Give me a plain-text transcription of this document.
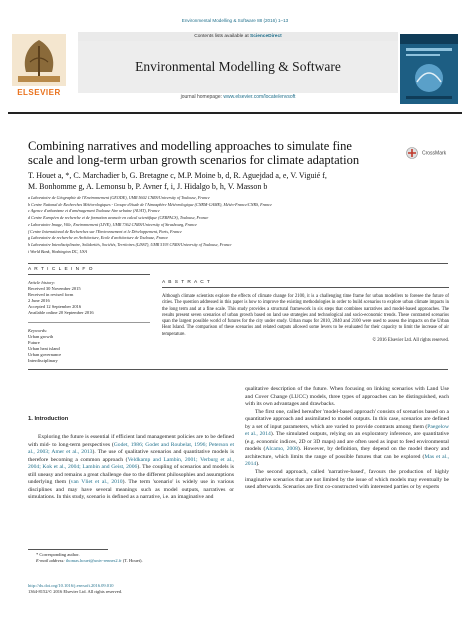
Environmental Modelling & Software 88 (2016) 1–13
ELSEVIER
Contents lists available at ScienceDirect
Environmental Modelling & Software
journal homepage: www.elsevier.com/locate/envsoft
Combining narratives and modelling approaches to simulate fine scale and long-term urban growth scenarios for climate adaptation	CrossMark
T. Houet a, *, C. Marchadier b, G. Bretagne c, M.P. Moine b, d, R. Aguejdad a, e, V. Viguié f,
M. Bonhomme g, A. Lemonsu b, P. Avner f, i, J. Hidalgo b, h, V. Masson b
a Laboratoire de Géographie de l'Environnement (GEODE), UMR 5602 CNRS/University of Toulouse, France
b Centre National de Recherches Météorologiques - Groupe d'étude de l'Atmosphère Météorologique (CNRM-GAME), Météo-France/CNRS, France
c Agence d'urbanisme et d'aménagement Toulouse Aire urbaine (AUAT), France
d Centre Européen de recherche et de formation avancée en calcul scientifique (CERFACS), Toulouse, France
e Laboratoire Image, Ville, Environnement (LIVE), UMR 7362 CNRS/University of Strasbourg, France
f Centre International de Recherches sur l'Environnement et le Développement, Paris, France
g Laboratoire de recherche en Architecture, Ecole d'architecture de Toulouse, France
h Laboratoire Interdisciplinaire, Solidarités, Sociétés, Territoires (LISST), UMR 5193 CNRS/University of Toulouse, France
i World Bank, Washington DC, USA
A R T I C L E I N F O
Article history:
Received 30 November 2015
Received in revised form
2 June 2016
Accepted 12 September 2016
Available online 20 September 2016
Keywords:
Urban growth
Future
Urban heat island
Urban governance
Interdisciplinary
A B S T R A C T
Although climate scientists explore the effects of climate change for 2100, it is a challenging time frame for urban modellers to foresee the future of cities. The question addressed in this paper is how to improve the existing methodologies in order to build scenarios to explore urban climate impacts in the long term and at a fine scale. This study provides a structural framework in six steps that combines narratives and model-based approaches. The results present seven scenarios of urban growth based on land use strategies and technological and socio-economic trends. These contrasted scenarios span the largest possible world of futures for the city under study. Urban maps for 2010, 2040 and 2100 were used to assess the impacts on the Urban Heat Island. The comparison of these scenarios and related outputs allowed some levers to be evaluated for their capacity to limit the increase of air temperature.
© 2016 Elsevier Ltd. All rights reserved.
1. Introduction

Exploring the future is essential if efficient land management policies are to be defined with mid- to long-term perspectives (Godet, 1986; Godet and Roubelat, 1996; Peterson et al., 2003; Amer et al., 2013). The use of qualitative scenarios and quantitative models is therefore becoming a common approach (Veldkamp and Lambin, 2001; Verburg et al., 2004; Kok et al., 2004; Lambin and Geist, 2006). The coupling of scenarios and models is still uneasy and remains a great challenge due to the different philosophies and assumptions underlying them (van Vliet et al., 2010). The term 'scenario' is widely use in various disciplines and may have several meanings such as model outputs, narratives or simulations. In this study, scenario is defined as a narrative, i.e. an imaginative and

qualitative description of the future. When focusing on linking scenarios with Land Use and Cover Change (LUCC) models, three types of approaches can be distinguished, each with its own advantages and drawbacks.

The first one, called hereafter 'model-based approach' consists of scenarios based on a quantitative approach and assimilated to model outputs. In this case, scenarios are defined by a set of input parameters, which are varied to provide contrasts among them (Paegelow et al., 2014). The simulated outputs, relying on an exploratory inference, are quantitative (e.g. economic indices, 2D or 3D maps) and are often used as input to feed environmental models (Alcamo, 2008). However, by definition, they depend on the model theory and architecture, which limits the range of possible futures that can be explored (Mas et al., 2014).

The second approach, called 'narrative-based', favours the production of highly imaginative scenarios that are not limited by the issue of which models may eventually be used afterwards. Scenarios are first co-constructed with interested parties or by experts

* Corresponding author.
E-mail address: thomas.houet@univ-rennes2.fr (T. Houet).
http://dx.doi.org/10.1016/j.envsoft.2016.09.010
1364-8152/© 2016 Elsevier Ltd. All rights reserved.
